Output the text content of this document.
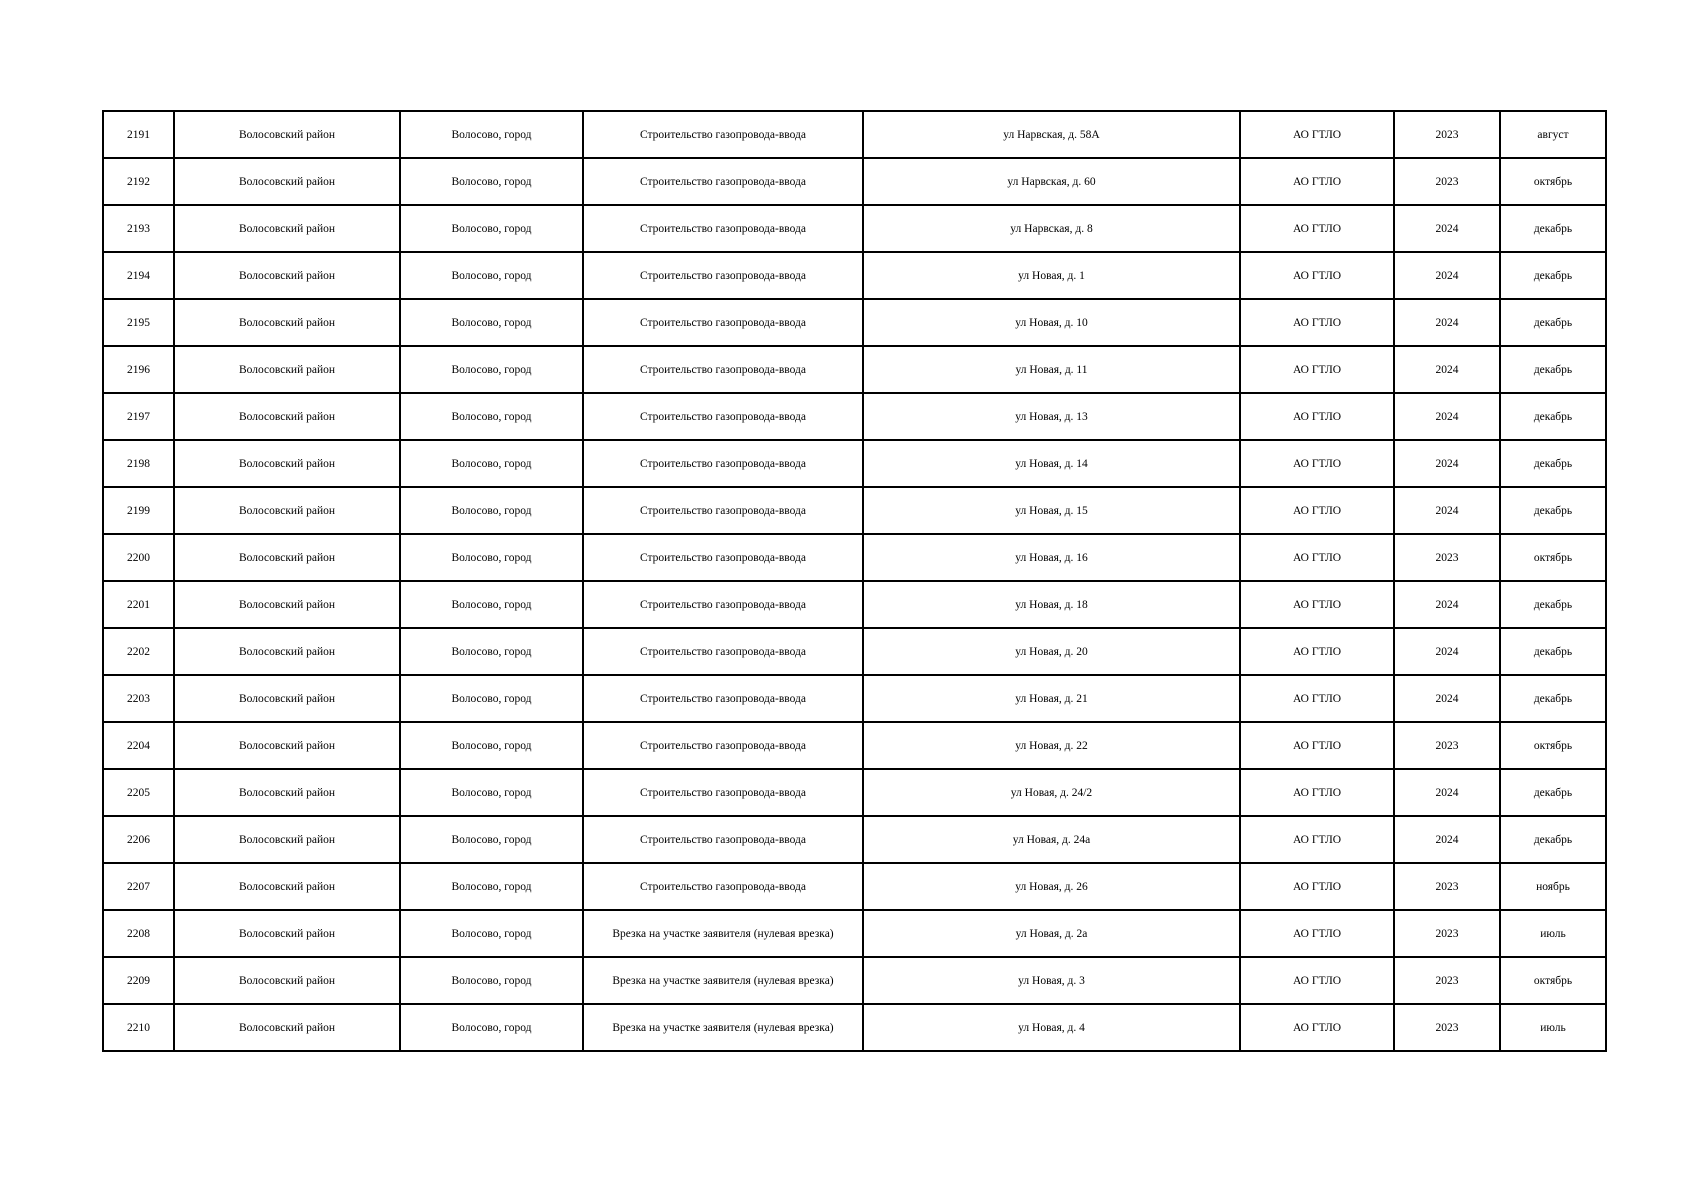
2191	Волосовский район	Волосово, город	Строительство газопровода-ввода	ул Нарвская, д. 58А	АО ГТЛО	2023	август
2192	Волосовский район	Волосово, город	Строительство газопровода-ввода	ул Нарвская, д. 60	АО ГТЛО	2023	октябрь
2193	Волосовский район	Волосово, город	Строительство газопровода-ввода	ул Нарвская, д. 8	АО ГТЛО	2024	декабрь
2194	Волосовский район	Волосово, город	Строительство газопровода-ввода	ул Новая, д. 1	АО ГТЛО	2024	декабрь
2195	Волосовский район	Волосово, город	Строительство газопровода-ввода	ул Новая, д. 10	АО ГТЛО	2024	декабрь
2196	Волосовский район	Волосово, город	Строительство газопровода-ввода	ул Новая, д. 11	АО ГТЛО	2024	декабрь
2197	Волосовский район	Волосово, город	Строительство газопровода-ввода	ул Новая, д. 13	АО ГТЛО	2024	декабрь
2198	Волосовский район	Волосово, город	Строительство газопровода-ввода	ул Новая, д. 14	АО ГТЛО	2024	декабрь
2199	Волосовский район	Волосово, город	Строительство газопровода-ввода	ул Новая, д. 15	АО ГТЛО	2024	декабрь
2200	Волосовский район	Волосово, город	Строительство газопровода-ввода	ул Новая, д. 16	АО ГТЛО	2023	октябрь
2201	Волосовский район	Волосово, город	Строительство газопровода-ввода	ул Новая, д. 18	АО ГТЛО	2024	декабрь
2202	Волосовский район	Волосово, город	Строительство газопровода-ввода	ул Новая, д. 20	АО ГТЛО	2024	декабрь
2203	Волосовский район	Волосово, город	Строительство газопровода-ввода	ул Новая, д. 21	АО ГТЛО	2024	декабрь
2204	Волосовский район	Волосово, город	Строительство газопровода-ввода	ул Новая, д. 22	АО ГТЛО	2023	октябрь
2205	Волосовский район	Волосово, город	Строительство газопровода-ввода	ул Новая, д. 24/2	АО ГТЛО	2024	декабрь
2206	Волосовский район	Волосово, город	Строительство газопровода-ввода	ул Новая, д. 24а	АО ГТЛО	2024	декабрь
2207	Волосовский район	Волосово, город	Строительство газопровода-ввода	ул Новая, д. 26	АО ГТЛО	2023	ноябрь
2208	Волосовский район	Волосово, город	Врезка на участке заявителя (нулевая врезка)	ул Новая, д. 2а	АО ГТЛО	2023	июль
2209	Волосовский район	Волосово, город	Врезка на участке заявителя (нулевая врезка)	ул Новая, д. 3	АО ГТЛО	2023	октябрь
2210	Волосовский район	Волосово, город	Врезка на участке заявителя (нулевая врезка)	ул Новая, д. 4	АО ГТЛО	2023	июль
